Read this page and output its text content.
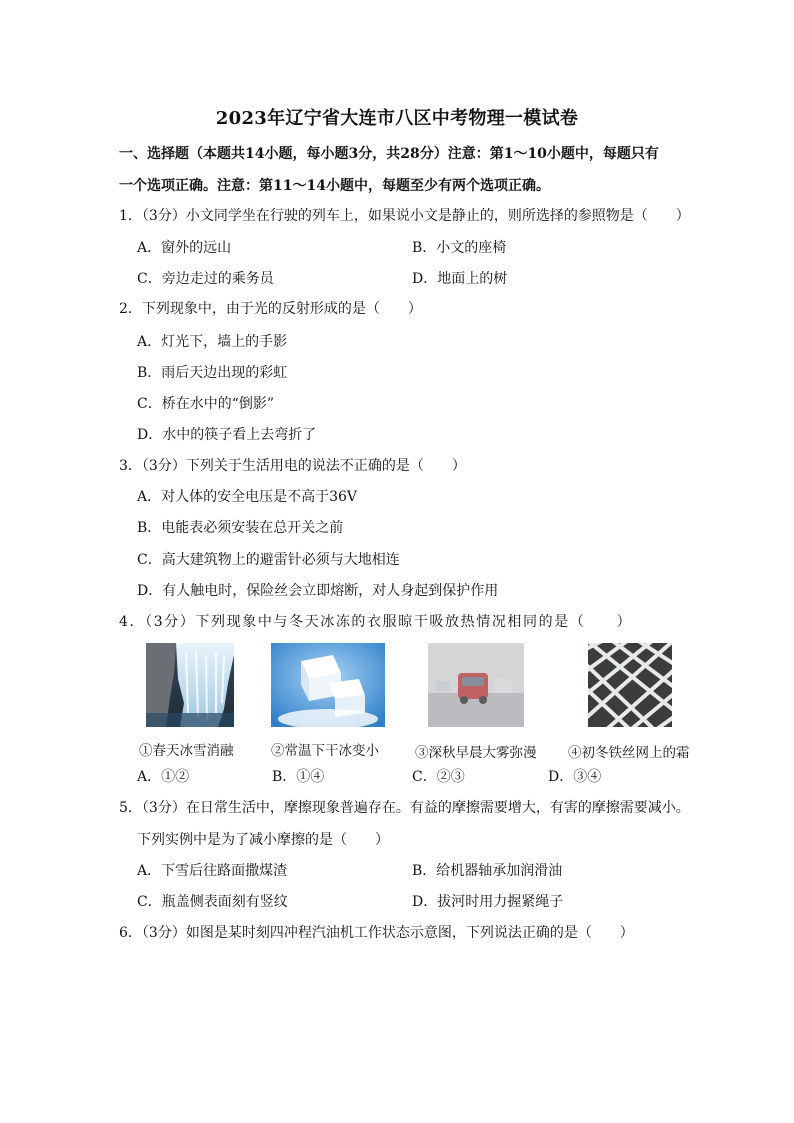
2023年辽宁省大连市八区中考物理一模试卷
一、选择题（本题共14小题，每小题3分，共28分）注意：第1～10小题中，每题只有
一个选项正确。注意：第11～14小题中，每题至少有两个选项正确。
1．（3分）小文同学坐在行驶的列车上，如果说小文是静止的，则所选择的参照物是（　　）
A．窗外的远山	B．小文的座椅
C．旁边走过的乘务员	D．地面上的树
2．下列现象中，由于光的反射形成的是（　　）
A．灯光下，墙上的手影
B．雨后天边出现的彩虹
C．桥在水中的“倒影”
D．水中的筷子看上去弯折了
3．（3分）下列关于生活用电的说法不正确的是（　　）
A．对人体的安全电压是不高于36V
B．电能表必须安装在总开关之前
C．高大建筑物上的避雷针必须与大地相连
D．有人触电时，保险丝会立即熔断，对人身起到保护作用
4．（3分）下列现象中与冬天冰冻的衣服晾干吸放热情况相同的是（　　）
①春天冰雪消融	②常温下干冰变小	③深秋早晨大雾弥漫 ④初冬铁丝网上的霜
A．①②	B．①④	C．②③	D．③④
5．（3分）在日常生活中，摩擦现象普遍存在。有益的摩擦需要增大，有害的摩擦需要减小。
下列实例中是为了减小摩擦的是（　　）
A．下雪后往路面撒煤渣	B．给机器轴承加润滑油
C．瓶盖侧表面刻有竖纹	D．拔河时用力握紧绳子
6．（3分）如图是某时刻四冲程汽油机工作状态示意图，下列说法正确的是（　　）
